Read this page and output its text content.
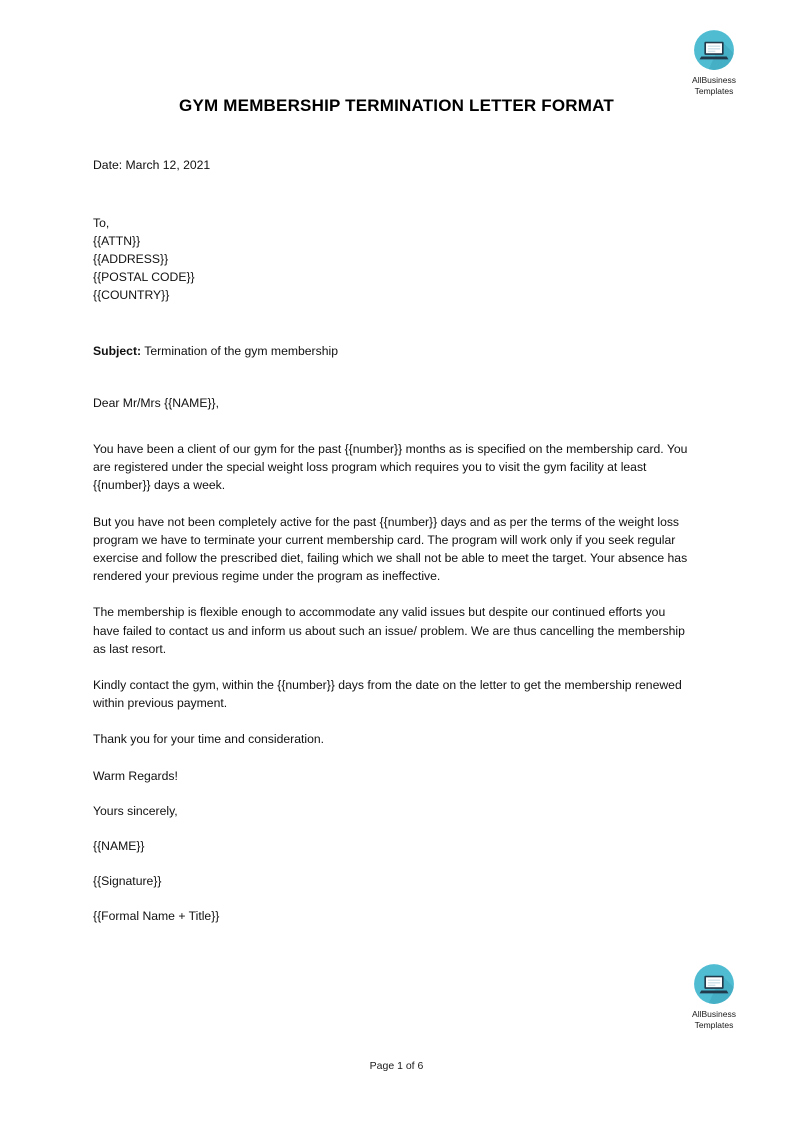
AllBusiness
Templates
GYM MEMBERSHIP TERMINATION LETTER FORMAT
Date: March 12, 2021
To,
{{ATTN}}
{{ADDRESS}}
{{POSTAL CODE}}
{{COUNTRY}}
Subject: Termination of the gym membership
Dear Mr/Mrs {{NAME}},

You have been a client of our gym for the past {{number}} months as is specified on the membership card. You are registered under the special weight loss program which requires you to visit the gym facility at least {{number}} days a week.

But you have not been completely active for the past {{number}} days and as per the terms of the weight loss program we have to terminate your current membership card. The program will work only if you seek regular exercise and follow the prescribed diet, failing which we shall not be able to meet the target. Your absence has rendered your previous regime under the program as ineffective.

The membership is flexible enough to accommodate any valid issues but despite our continued efforts you have failed to contact us and inform us about such an issue/ problem. We are thus cancelling the membership as last resort.

Kindly contact the gym, within the {{number}} days from the date on the letter to get the membership renewed within previous payment.

Thank you for your time and consideration.

Warm Regards!

Yours sincerely,

{{NAME}}

{{Signature}}

{{Formal Name + Title}}

AllBusiness
Templates
Page 1 of 6
